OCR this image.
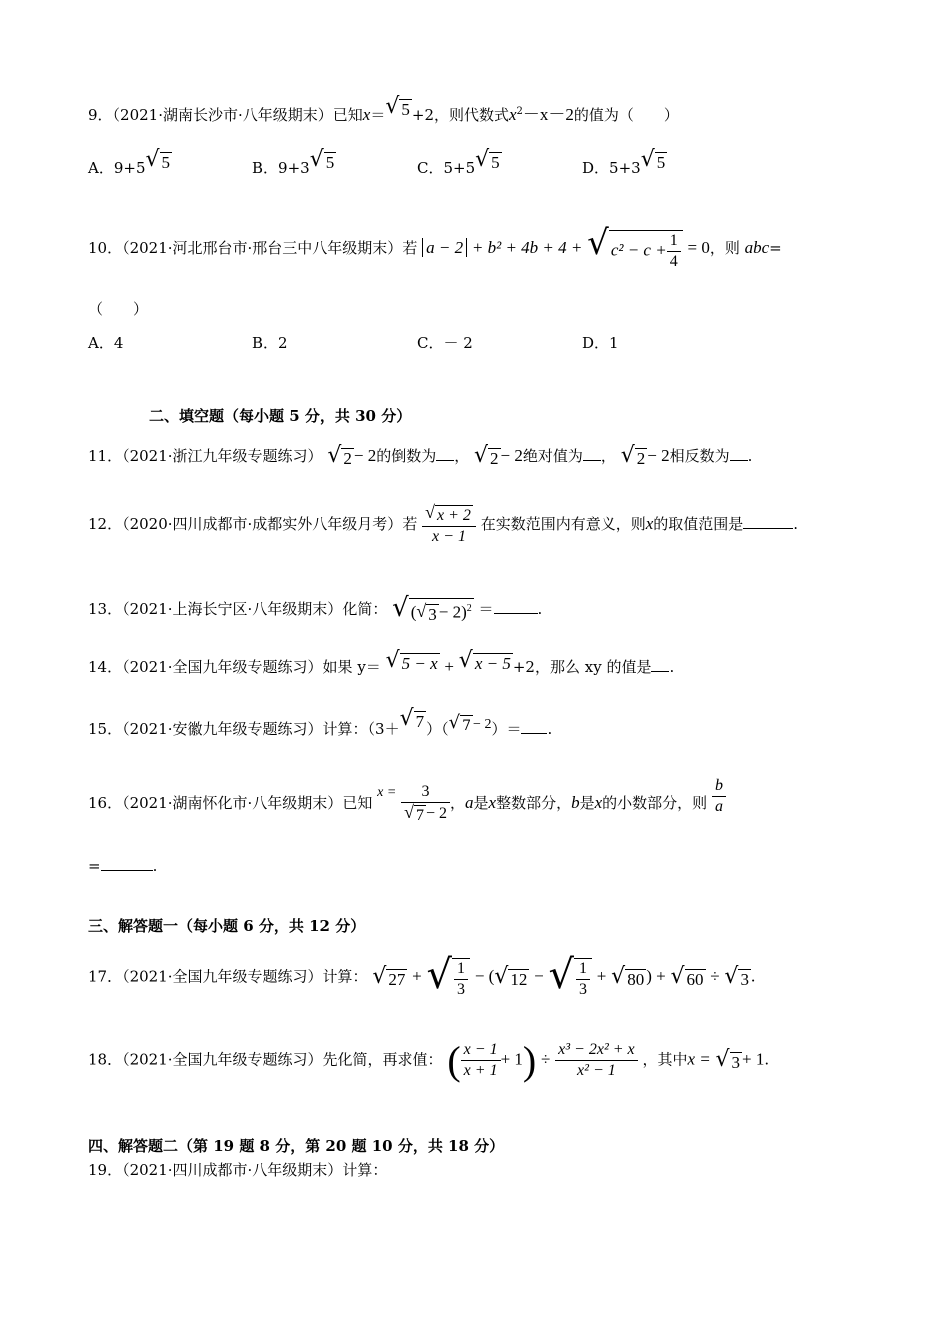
9．（2021·湖南长沙市·八年级期末）已知x＝ √ 5 +2，则代数式$x^2-x-2$的值为（　　）
A．9+5 √ 5	B．9+3 √ 5	C．5+5 √ 5	D．5+3 √ 5
10．（2021·河北邢台市·邢台三中八年级期末）若 a − 2 + b² + 4b + 4 + √ $c^2 - c + \frac{1}{4} = 0$，则 abc=
（　　）
A．4	B．2	C．－ 2	D．1
二、填空题（每小题 5 分，共 30 分）
11．（2021·浙江九年级专题练习） √ 2 − 2的倒数为 ， √ 2 − 2绝对值为 ， √ 2 − 2相反数为 .
12．（2020·四川成都市·成都实外八年级月考）若 $\frac{√ x + 2}{x - 1}$ 在实数范围内有意义，则x的取值范围是	.
13．（2021·上海长宁区·八年级期末）化简： √ ( √ 3 − 2)$^2$ ＝	.
14．（2021·全国九年级专题练习）如果 y＝ √ 5 − x + √ x − 5 +2，那么 xy 的值是 .
15．（2021·安徽九年级专题练习）计算：（3＋ √ 7 ）（ √ 7 − 2）＝ .
16．（2021·湖南怀化市·八年级期末）已知 $x = \frac{3}{√ 7 - 2}$ ，a是x整数部分，b是x的小数部分，则 $\frac{b}{a}$
=	.
三、解答题一（每小题 6 分，共 12 分）
17．（2021·全国九年级专题练习）计算： √ 27 + √ $\frac{1}{3}$ − ( √ 12 − √ $\frac{1}{3}$ + √ 80 ) + √ 60 ÷ √ 3 .
18．（2021·全国九年级专题练习）先化简，再求值： ( $\frac{x - 1}{x + 1} + 1) \div \frac{\text{x³ − 2x² + x}}{\text{x² − 1}}$ ，其中x = √ 3 + 1.
四、解答题二（第 19 题 8 分，第 20 题 10 分，共 18 分）
19．（2021·四川成都市·八年级期末）计算：
